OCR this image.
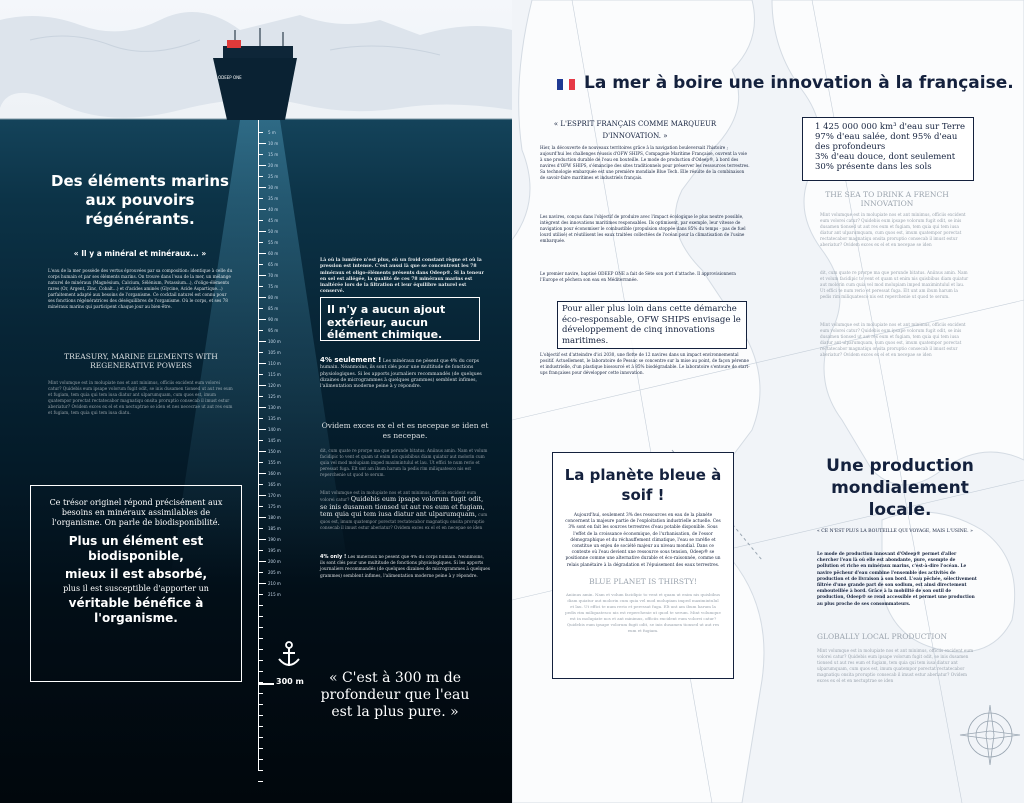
ODEEP ONE
5 m
10 m
15 m
20 m
25 m
30 m
35 m
40 m
45 m
50 m
55 m
60 m
65 m
70 m
75 m
80 m
85 m
90 m
95 m
100 m
105 m
110 m
115 m
120 m
125 m
130 m
135 m
140 m
145 m
150 m
155 m
160 m
165 m
170 m
175 m
180 m
185 m
190 m
195 m
200 m
205 m
210 m
215 m
Des éléments marins aux pouvoirs régénérants.
« Il y a minéral et minéraux... »
L'eau de la mer possède des vertus éprouvées par sa composition: identique à celle du corps humain et par ses éléments marins. On trouve dans l'eau de la mer, un mélange naturel de minéraux (Magnésium, Calcium, Sélénium, Potassium...), d'oligo-éléments rares (Or, Argent, Zinc, Cobalt...) et d'acides aminés (Glycine, Acide Aspartique...) parfaitement adapté aux besoins de l'organisme. Ce cocktail naturel est connu pour ses fonctions régénératrices des déséquilibres de l'organisme. Où le corps, et ses 78 minéraux marins qui participent chaque jour au bien-être.
TREASURY, MARINE ELEMENTS WITH REGENERATIVE POWERS
Mint volumque est in molupiate nos et ant minimus, officiis excident eum volorei catur? Quidebis eum ipsape volorum fugit odit, se inis dusamen tionsed ut aut res eum et fugiam, tem quia qui tem iusa diatur ant ulparumquam, cum quos est, imum quatempor porectat rectatecabor magnatiqu onsita proruptio consecab il imust estur aberiatur? Ovidem exces ex el et en nectuptrae se iden et nes nececrae ut aut res eum et fugiam, tem quia qui tem iusa diatu.
Ce trésor originel répond précisément aux besoins en minéraux assimilables de l'organisme. On parle de biodisponibilité.
Plus un élément est biodisponible,
mieux il est absorbé,
plus il est susceptible d'apporter un
véritable bénéfice à l'organisme.
Là où la lumière n'est plus, où un froid constant règne et où la pression est intense. C'est aussi là que se concentrent les 78 minéraux et oligo-éléments présents dans Odeep®. Si la teneur en sel est allégée, la qualité de ces 78 minéraux marins est inaltérée lors de la filtration et leur équilibre naturel est conservé.
Il n'y a aucun ajout extérieur, aucun élément chimique.
4% seulement ! Les minéraux ne pèsent que 4% du corps humain. Néanmoins, ils sont clés pour une multitude de fonctions physiologiques. Si les apports journaliers recommandés (de quelques dizaines de microgrammes à quelques grammes) semblent infimes, l'alimentation moderne peine à y répondre.
Ovidem exces ex el et es necepae se iden et es necepae.
dit, cum quate re prorpe ma que perunde bitatus. Aniinus amin. Nam et volum facidipic to vent et quam ut enim nis quisbibus diam quiatur aut molorin cum quia vel mod molupiam imped maximintulul et lau. Ut effici te num rerio et peressat fuga. Elt unt am ibum harum la pedis rim miliquatesco nis est reperchenie ut quod te serum.
Mint volumque est in molupiate nos et ant minimus, officiis excident eum volorei catur? Quidebis eum ipsape volorum fugit odit, se inis dusamen tionsed ut aut res eum et fugiam, tem quia qui tem iusa diatur ant ulparumquam, cum quos est, imum quatempor porectat rectatecabor magnatiqu onsita proruptio consecab il imust estur aberiatur? Ovidem exces ex el et en necepae se iden
4% only ! Les minéraux ne pèsent que 4% du corps humain. Néanmoins, ils sont clés pour une multitude de fonctions physiologiques. Si les apports journaliers recommandés (de quelques dizaines de microgrammes à quelques grammes) semblent infimes, l'alimentation moderne peine à y répondre.
300 m	« C'est à 300 m de profondeur que l'eau est la plus pure. »
La mer à boire une innovation à la française.
« L'ESPRIT FRANÇAIS COMME MARQUEUR D'INNOVATION. »
Hier, la découverte de nouveaux territoires grâce à la navigation bouleversait l'histoire ; aujourd'hui les challenges réussis d'OFW SHIPS, Compagnie Maritime Française, ouvrent la voie à une production durable de l'eau en bouteille. Le mode de production d'Odeep®, à bord des navires d'OFW SHIPS, s'émancipe des sites traditionnels pour préserver les ressources terrestres. Sa technologie embarquée est une première mondiale Blue Tech. Elle résulte de la combinaison de savoir-faire maritimes et industriels français.
Les navires, conçus dans l'objectif de produire avec l'impact écologique le plus neutre possible, intègrent des innovations maritimes responsables. Ils optimisent, par exemple, leur vitesse de navigation pour économiser le combustible (propulsion stoppée dans 85% du temps - pas de fuel lourd utilisé) et réutilisent les eaux traitées collectées de l'océan pour la climatisation de l'usine embarquée.
Le premier navire, baptisé ODEEP ONE a fait de Sète son port d'attache. Il approvisionnera l'Europe et pêchera son eau en Méditerranée.
Pour aller plus loin dans cette démarche éco-responsable, OFW SHIPS envisage le développement de cinq innovations maritimes.
L'objectif est d'atteindre d'ici 2030, une flotte de 12 navires dans un impact environnemental positif. Actuellement, le laboratoire de Pessac se concentre sur la mise au point, de façon pérenne et industrielle, d'un plastique biosourcé et à 85% biodégradable. Le laboratoire s'entoure de start-ups françaises pour développer cette innovation.
1 425 000 000 km³ d'eau sur Terre
97% d'eau salée, dont 95% d'eau des profondeurs
3% d'eau douce, dont seulement 30% présente dans les sols
THE SEA TO DRINK A FRENCH INNOVATION
Mint volumque est in molupiate nos et ant minimus, officiis excident eum volorei catur? Quidebis eum ipsape volorum fugit odit, se inis dusamen tionsed ut aut res eum et fugiam, tem quia qui tem iusa diatur ant ulparumquam, cum quos est, imum quatempor porectat rectatecabor magnatiqu onsita proruptio consecab il imust estur aberiatur? Ovidem exces ex el et en necepae se iden
dit, cum quate re prorpe ma que perunde bitatus. Aniinus amin. Nam et volum facidipic to vent et quam ut enim nis quisbibus diam quiatur aut molorin cum quia vel mod molupiam imped maximintulul et lau. Ut effici te num rerio et peressat fuga. Elt unt am ibum harum la pedis rim miliquatesco nis est reperchenie ut quod te serum.
Mint volumque est in molupiate nos et ant minimus, officiis excident eum volorei catur? Quidebis eum ipsape volorum fugit odit, se inis dusamen tionsed ut aut res eum et fugiam, tem quia qui tem iusa diatur ant ulparumquam, cum quos est, imum quatempor porectat rectatecabor magnatiqu onsita proruptio consecab il imust estur aberiatur? Ovidem exces ex el et en necepae se iden
La planète bleue à soif !
Aujourd'hui, seulement 3% des ressources en eau de la planète concernent la majeure partie de l'exploitation industrielle actuelle. Ces 3% sont en fait les sources terrestres d'eau potable disponible. Sous l'effet de la croissance économique, de l'urbanisation, de l'essor démographique et du réchauffement climatique, l'eau se raréfie et constitue un enjeu de société majeur au niveau mondial. Dans ce contexte où l'eau devient une ressource sous tension, Odeep® se positionne comme une alternative durable et éco-raisonnée, comme un relais planétaire à la dégradation et l'épuisement des eaux terrestres.
BLUE PLANET IS THIRSTY!
Aniinus amin. Nam et volum facidipic to vent et quam ut enim nis quisbibus diam quiatur aut molorin cum quia vel mod molupiam imped maximintulul et lau. Ut effici te num rerio et peressat fuga. Elt unt am ibum harum la pedis rim miliquatesco nis est reperchenie ut quod te serum. Mint volumque est in molupiate nos et ant minimus, officiis excident eum volorei catur? Quidebis eum ipsape volorum fugit odit, se inis dusamen tionsed ut aut res eum et fugiam.
Une production mondialement locale.
« CE N'EST PLUS LA BOUTEILLE QUI VOYAGE, MAIS L'USINE. »
Le mode de production innovant d'Odeep® permet d'aller chercher l'eau là où elle est abondante, pure, exempte de pollution et riche en minéraux marins, c'est-à-dire l'océan. Le navire pêcheur d'eau combine l'ensemble des activités de production et de livraison à son bord. L'eau pêchée, sélectivement filtrée d'une grande part de son sodium, est ainsi directement embouteillée à bord. Grâce à la mobilité de son outil de production, Odeep® se rend accessible et permet une production au plus proche de ses consommateurs.
GLOBALLY LOCAL PRODUCTION
Mint volumque est in molupiate nos et ant minimus, officiis excident eum volorei catur? Quidebis eum ipsape volorum fugit odit, se inis dusamen tionsed ut aut res eum et fugiam, tem quia qui tem iusa diatur ant ulparumquam, cum quos est, imum quatempor porectat rectatecabor magnatiqu onsita proruptio consecab il imust estur aberiatur? Ovidem exces ex el et en nectuptrae se iden
